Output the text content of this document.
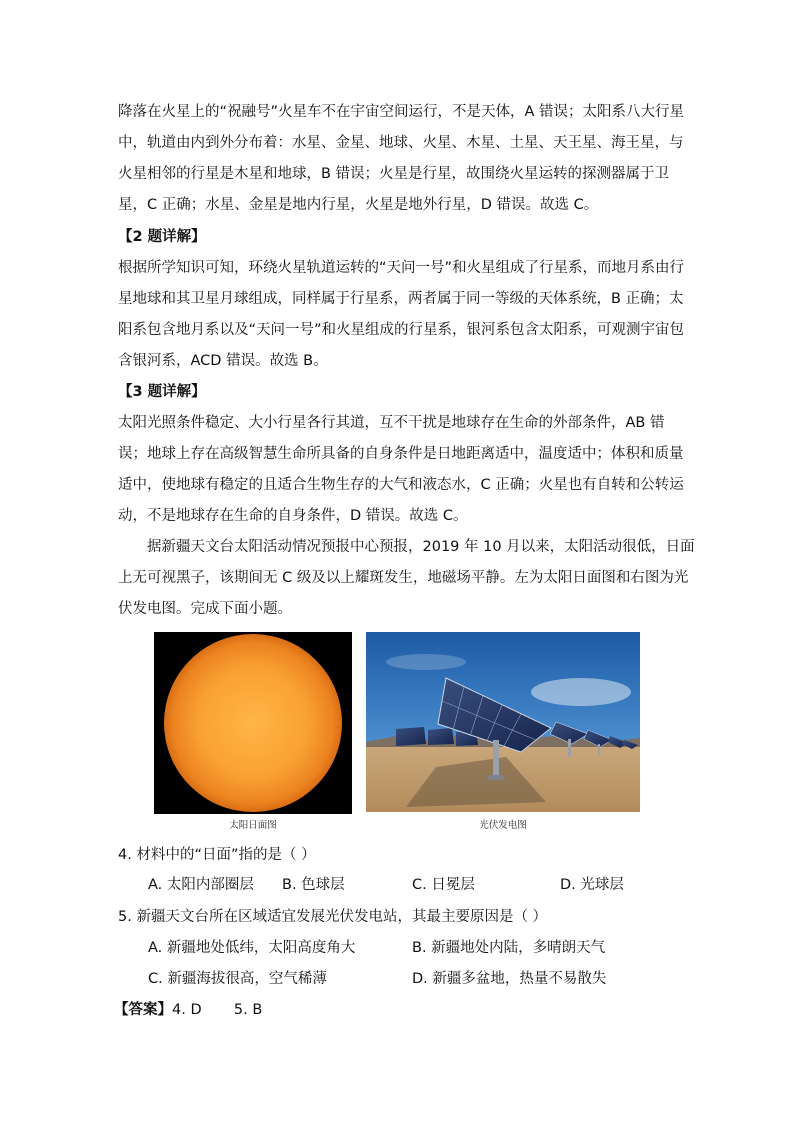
降落在火星上的“祝融号”火星车不在宇宙空间运行，不是天体，A 错误；太阳系八大行星
中，轨道由内到外分布着：水星、金星、地球、火星、木星、土星、天王星、海王星，与
火星相邻的行星是木星和地球，B 错误；火星是行星，故围绕火星运转的探测器属于卫
星，C 正确；水星、金星是地内行星，火星是地外行星，D 错误。故选 C。
【2 题详解】
根据所学知识可知，环绕火星轨道运转的“天问一号”和火星组成了行星系，而地月系由行
星地球和其卫星月球组成，同样属于行星系，两者属于同一等级的天体系统，B 正确；太
阳系包含地月系以及“天问一号”和火星组成的行星系，银河系包含太阳系，可观测宇宙包
含银河系，ACD 错误。故选 B。
【3 题详解】
太阳光照条件稳定、大小行星各行其道，互不干扰是地球存在生命的外部条件，AB 错
误；地球上存在高级智慧生命所具备的自身条件是日地距离适中，温度适中；体积和质量
适中，使地球有稳定的且适合生物生存的大气和液态水，C 正确；火星也有自转和公转运
动，不是地球存在生命的自身条件，D 错误。故选 C。
据新疆天文台太阳活动情况预报中心预报，2019 年 10 月以来，太阳活动很低，日面
上无可视黑子，该期间无 C 级及以上耀斑发生，地磁场平静。左为太阳日面图和右图为光
伏发电图。完成下面小题。
太阳日面图	光伏发电图
4. 材料中的“日面”指的是（ ）
A. 太阳内部圈层 B. 色球层	C. 日冕层	D. 光球层
5. 新疆天文台所在区域适宜发展光伏发电站，其最主要原因是（ ）
A. 新疆地处低纬，太阳高度角大	B. 新疆地处内陆，多晴朗天气
C. 新疆海拔很高，空气稀薄	D. 新疆多盆地，热量不易散失
【答案】4. D       5. B
